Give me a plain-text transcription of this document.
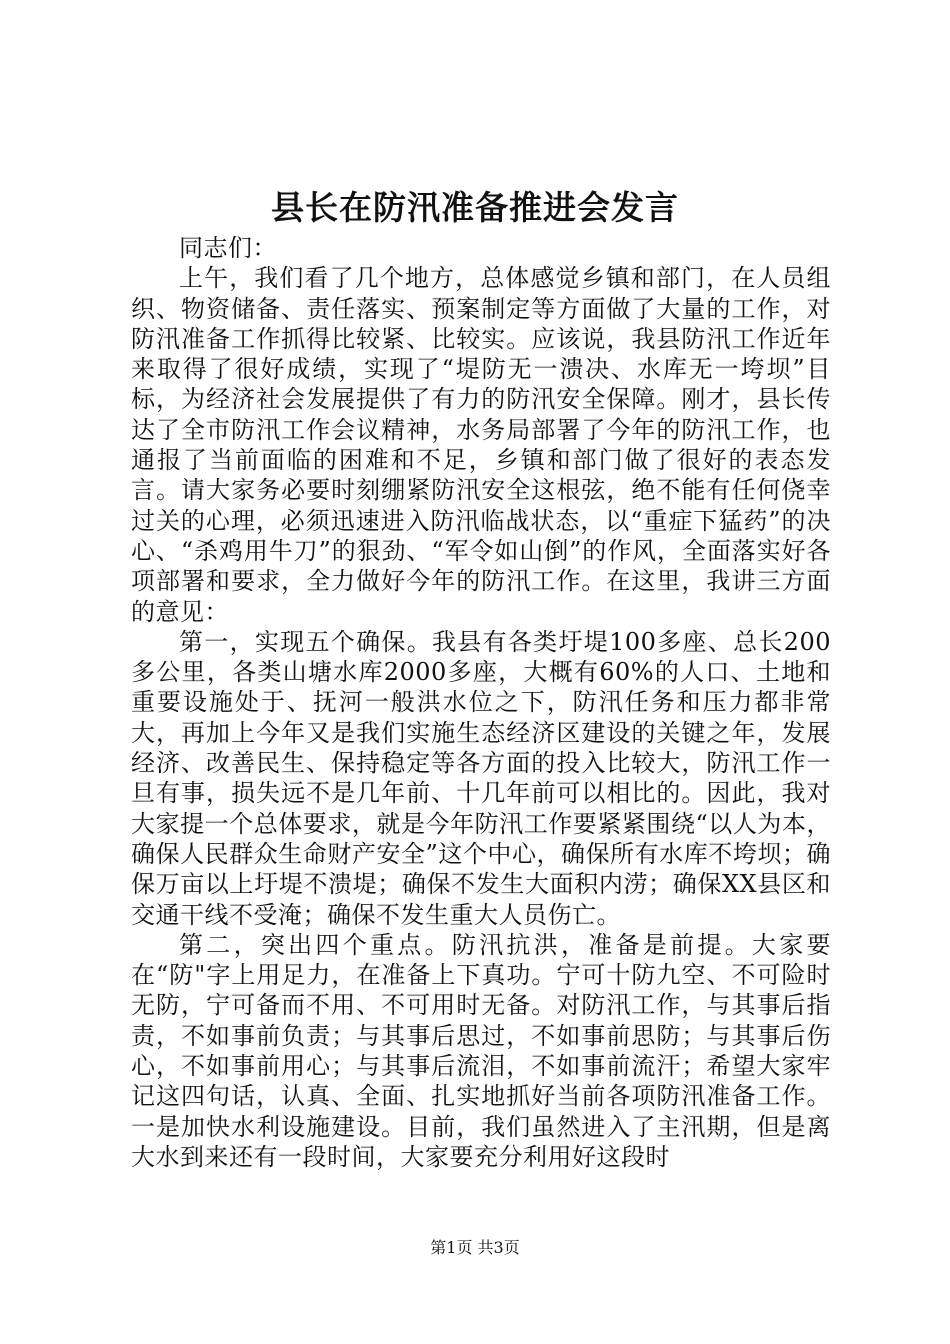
县长在防汛准备推进会发言

同志们：

上午，我们看了几个地方，总体感觉乡镇和部门，在人员组织、物资储备、责任落实、预案制定等方面做了大量的工作，对防汛准备工作抓得比较紧、比较实。应该说，我县防汛工作近年来取得了很好成绩，实现了“堤防无一溃决、水库无一垮坝”目标，为经济社会发展提供了有力的防汛安全保障。刚才，县长传达了全市防汛工作会议精神，水务局部署了今年的防汛工作，也通报了当前面临的困难和不足，乡镇和部门做了很好的表态发言。请大家务必要时刻绷紧防汛安全这根弦，绝不能有任何侥幸过关的心理，必须迅速进入防汛临战状态，以“重症下猛药”的决心、“杀鸡用牛刀”的狠劲、“军令如山倒”的作风，全面落实好各项部署和要求，全力做好今年的防汛工作。在这里，我讲三方面的意见：

第一，实现五个确保。我县有各类圩堤100多座、总长200多公里，各类山塘水库2000多座，大概有60%的人口、土地和重要设施处于、抚河一般洪水位之下，防汛任务和压力都非常大，再加上今年又是我们实施生态经济区建设的关键之年，发展经济、改善民生、保持稳定等各方面的投入比较大，防汛工作一旦有事，损失远不是几年前、十几年前可以相比的。因此，我对大家提一个总体要求，就是今年防汛工作要紧紧围绕“以人为本，确保人民群众生命财产安全”这个中心，确保所有水库不垮坝；确保万亩以上圩堤不溃堤；确保不发生大面积内涝；确保XX县区和交通干线不受淹；确保不发生重大人员伤亡。

第二，突出四个重点。防汛抗洪，准备是前提。大家要在“防"字上用足力，在准备上下真功。宁可十防九空、不可险时无防，宁可备而不用、不可用时无备。对防汛工作，与其事后指责，不如事前负责；与其事后思过，不如事前思防；与其事后伤心，不如事前用心；与其事后流泪，不如事前流汗；希望大家牢记这四句话，认真、全面、扎实地抓好当前各项防汛准备工作。一是加快水利设施建设。目前，我们虽然进入了主汛期，但是离大水到来还有一段时间，大家要充分利用好这段时

第1页 共3页
